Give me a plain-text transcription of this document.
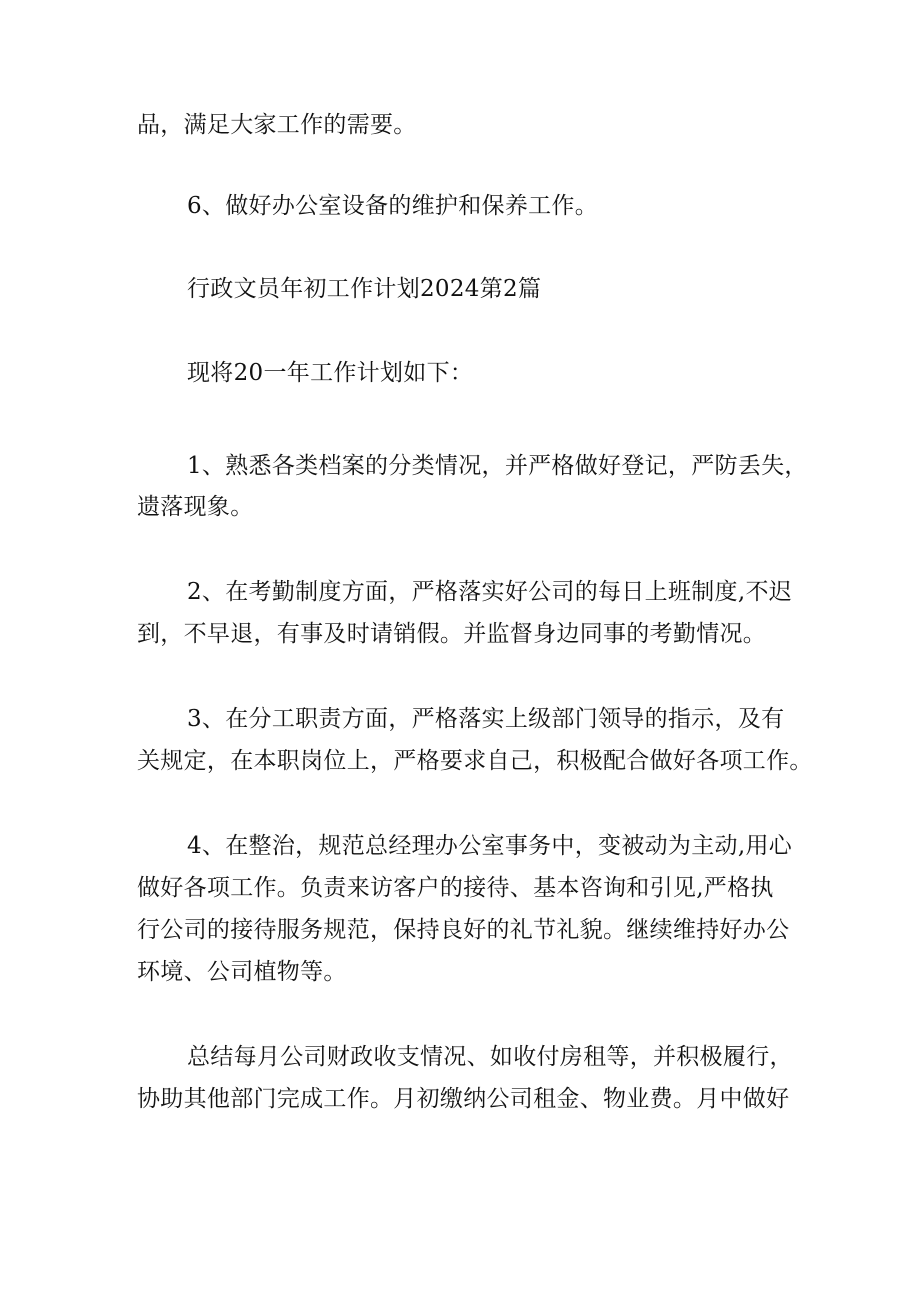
品，满足大家工作的需要。
6、做好办公室设备的维护和保养工作。
行政文员年初工作计划2024第2篇
现将20一年工作计划如下：
1、熟悉各类档案的分类情况，并严格做好登记，严防丢失，
遗落现象。
2、在考勤制度方面，严格落实好公司的每日上班制度,不迟
到，不早退，有事及时请销假。并监督身边同事的考勤情况。
3、在分工职责方面，严格落实上级部门领导的指示，及有
关规定，在本职岗位上，严格要求自己，积极配合做好各项工作。
4、在整治，规范总经理办公室事务中，变被动为主动,用心
做好各项工作。负责来访客户的接待、基本咨询和引见,严格执
行公司的接待服务规范，保持良好的礼节礼貌。继续维持好办公
环境、公司植物等。
总结每月公司财政收支情况、如收付房租等，并积极履行，
协助其他部门完成工作。月初缴纳公司租金、物业费。月中做好
